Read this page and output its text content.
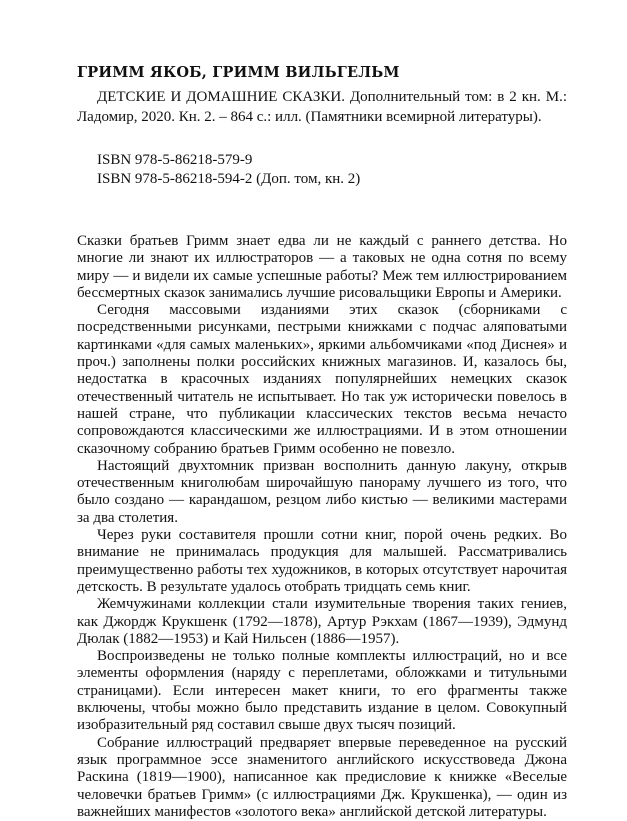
ГРИММ ЯКОБ, ГРИММ ВИЛЬГЕЛЬМ

ДЕТСКИЕ И ДОМАШНИЕ СКАЗКИ. Дополнительный том: в 2 кн. М.: Ладомир, 2020. Кн. 2. – 864 с.: илл. (Памятники всемирной литературы).

ISBN 978-5-86218-579-9
ISBN 978-5-86218-594-2 (Доп. том, кн. 2)

Сказки братьев Гримм знает едва ли не каждый с раннего детства. Но многие ли знают их иллюстраторов — а таковых не одна сотня по всему миру — и видели их самые успешные работы? Меж тем иллюстрированием бессмертных сказок занимались лучшие рисовальщики Европы и Америки.

Сегодня массовыми изданиями этих сказок (сборниками с посредственными рисунками, пестрыми книжками с подчас аляповатыми картинками «для самых маленьких», яркими альбомчиками «под Диснея» и проч.) заполнены полки российских книжных магазинов. И, казалось бы, недостатка в красочных изданиях популярнейших немецких сказок отечественный читатель не испытывает. Но так уж исторически повелось в нашей стране, что публикации классических текстов весьма нечасто сопровождаются классическими же иллюстрациями. И в этом отношении сказочному собранию братьев Гримм особенно не повезло.

Настоящий двухтомник призван восполнить данную лакуну, открыв отечественным книголюбам широчайшую панораму лучшего из того, что было создано — карандашом, резцом либо кистью — великими мастерами за два столетия.

Через руки составителя прошли сотни книг, порой очень редких. Во внимание не принималась продукция для малышей. Рассматривались преимущественно работы тех художников, в которых отсутствует нарочитая детскость. В результате удалось отобрать тридцать семь книг.

Жемчужинами коллекции стали изумительные творения таких гениев, как Джордж Крукшенк (1792—1878), Артур Рэкхам (1867—1939), Эдмунд Дюлак (1882—1953) и Кай Нильсен (1886—1957).

Воспроизведены не только полные комплекты иллюстраций, но и все элементы оформления (наряду с переплетами, обложками и титульными страницами). Если интересен макет книги, то его фрагменты также включены, чтобы можно было представить издание в целом. Совокупный изобразительный ряд составил свыше двух тысяч позиций.

Собрание иллюстраций предваряет впервые переведенное на русский язык программное эссе знаменитого английского искусствоведа Джона Раскина (1819—1900), написанное как предисловие к книжке «Веселые человечки братьев Гримм» (с иллюстрациями Дж. Крукшенка), — один из важнейших манифестов «золотого века» английской детской литературы.
